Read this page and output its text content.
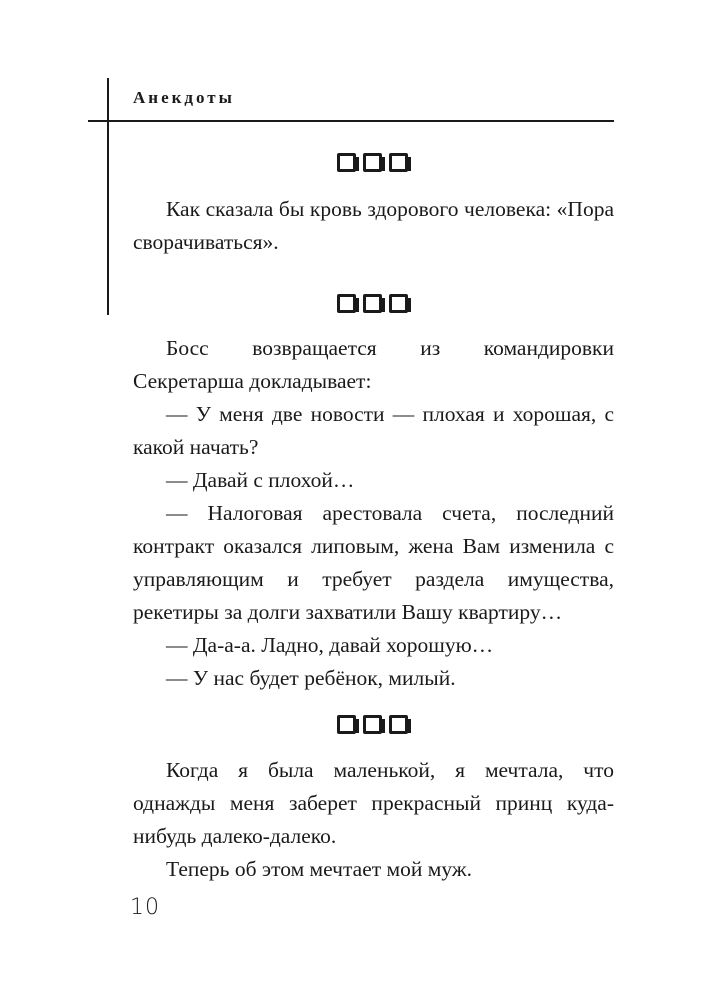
Анекдоты

Как сказала бы кровь здорового человека: «Пора сворачиваться».

Босс возвращается из командировки Секретарша докладывает:

— У меня две новости — плохая и хорошая, с какой начать?

— Давай с плохой…

— Налоговая арестовала счета, последний контракт оказался липовым, жена Вам изменила с управляющим и требует раздела имущества, рекетиры за долги захватили Вашу квартиру…

— Да-а-а. Ладно, давай хорошую…

— У нас будет ребёнок, милый.

Когда я была маленькой, я мечтала, что однажды меня заберет прекрасный принц куда-нибудь далеко-далеко.

Теперь об этом мечтает мой муж.

10
